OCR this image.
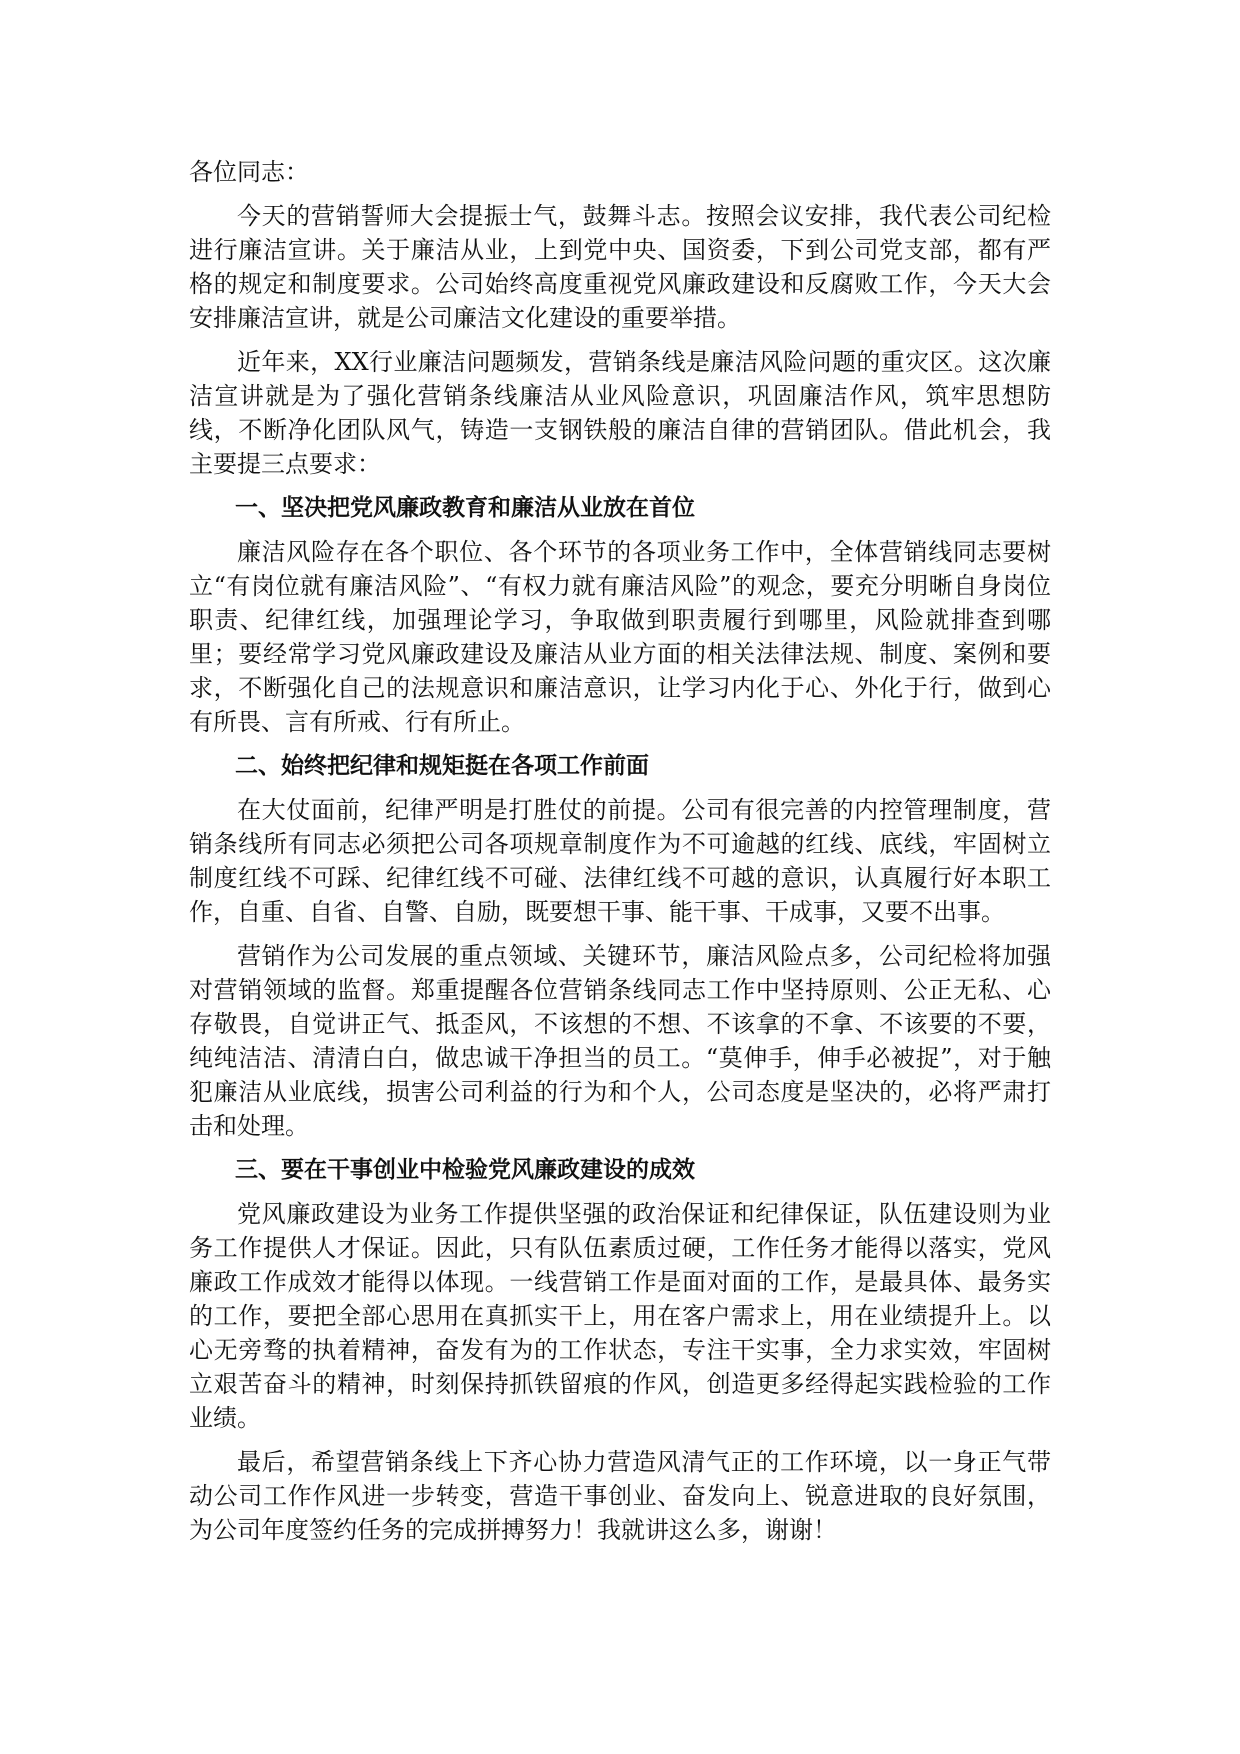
各位同志：

今天的营销誓师大会提振士气，鼓舞斗志。按照会议安排，我代表公司纪检进行廉洁宣讲。关于廉洁从业，上到党中央、国资委，下到公司党支部，都有严格的规定和制度要求。公司始终高度重视党风廉政建设和反腐败工作，今天大会安排廉洁宣讲，就是公司廉洁文化建设的重要举措。

近年来，XX行业廉洁问题频发，营销条线是廉洁风险问题的重灾区。这次廉洁宣讲就是为了强化营销条线廉洁从业风险意识，巩固廉洁作风，筑牢思想防线，不断净化团队风气，铸造一支钢铁般的廉洁自律的营销团队。借此机会，我主要提三点要求：

一、坚决把党风廉政教育和廉洁从业放在首位

廉洁风险存在各个职位、各个环节的各项业务工作中，全体营销线同志要树立“有岗位就有廉洁风险”、“有权力就有廉洁风险”的观念，要充分明晰自身岗位职责、纪律红线，加强理论学习，争取做到职责履行到哪里，风险就排查到哪里；要经常学习党风廉政建设及廉洁从业方面的相关法律法规、制度、案例和要求，不断强化自己的法规意识和廉洁意识，让学习内化于心、外化于行，做到心有所畏、言有所戒、行有所止。

二、始终把纪律和规矩挺在各项工作前面

在大仗面前，纪律严明是打胜仗的前提。公司有很完善的内控管理制度，营销条线所有同志必须把公司各项规章制度作为不可逾越的红线、底线，牢固树立制度红线不可踩、纪律红线不可碰、法律红线不可越的意识，认真履行好本职工作，自重、自省、自警、自励，既要想干事、能干事、干成事，又要不出事。

营销作为公司发展的重点领域、关键环节，廉洁风险点多，公司纪检将加强对营销领域的监督。郑重提醒各位营销条线同志工作中坚持原则、公正无私、心存敬畏，自觉讲正气、抵歪风，不该想的不想、不该拿的不拿、不该要的不要，纯纯洁洁、清清白白，做忠诚干净担当的员工。“莫伸手，伸手必被捉”，对于触犯廉洁从业底线，损害公司利益的行为和个人，公司态度是坚决的，必将严肃打击和处理。

三、要在干事创业中检验党风廉政建设的成效

党风廉政建设为业务工作提供坚强的政治保证和纪律保证，队伍建设则为业务工作提供人才保证。因此，只有队伍素质过硬，工作任务才能得以落实，党风廉政工作成效才能得以体现。一线营销工作是面对面的工作，是最具体、最务实的工作，要把全部心思用在真抓实干上，用在客户需求上，用在业绩提升上。以心无旁骛的执着精神，奋发有为的工作状态，专注干实事，全力求实效，牢固树立艰苦奋斗的精神，时刻保持抓铁留痕的作风，创造更多经得起实践检验的工作业绩。

最后，希望营销条线上下齐心协力营造风清气正的工作环境，以一身正气带动公司工作作风进一步转变，营造干事创业、奋发向上、锐意进取的良好氛围，为公司年度签约任务的完成拼搏努力！我就讲这么多，谢谢！
